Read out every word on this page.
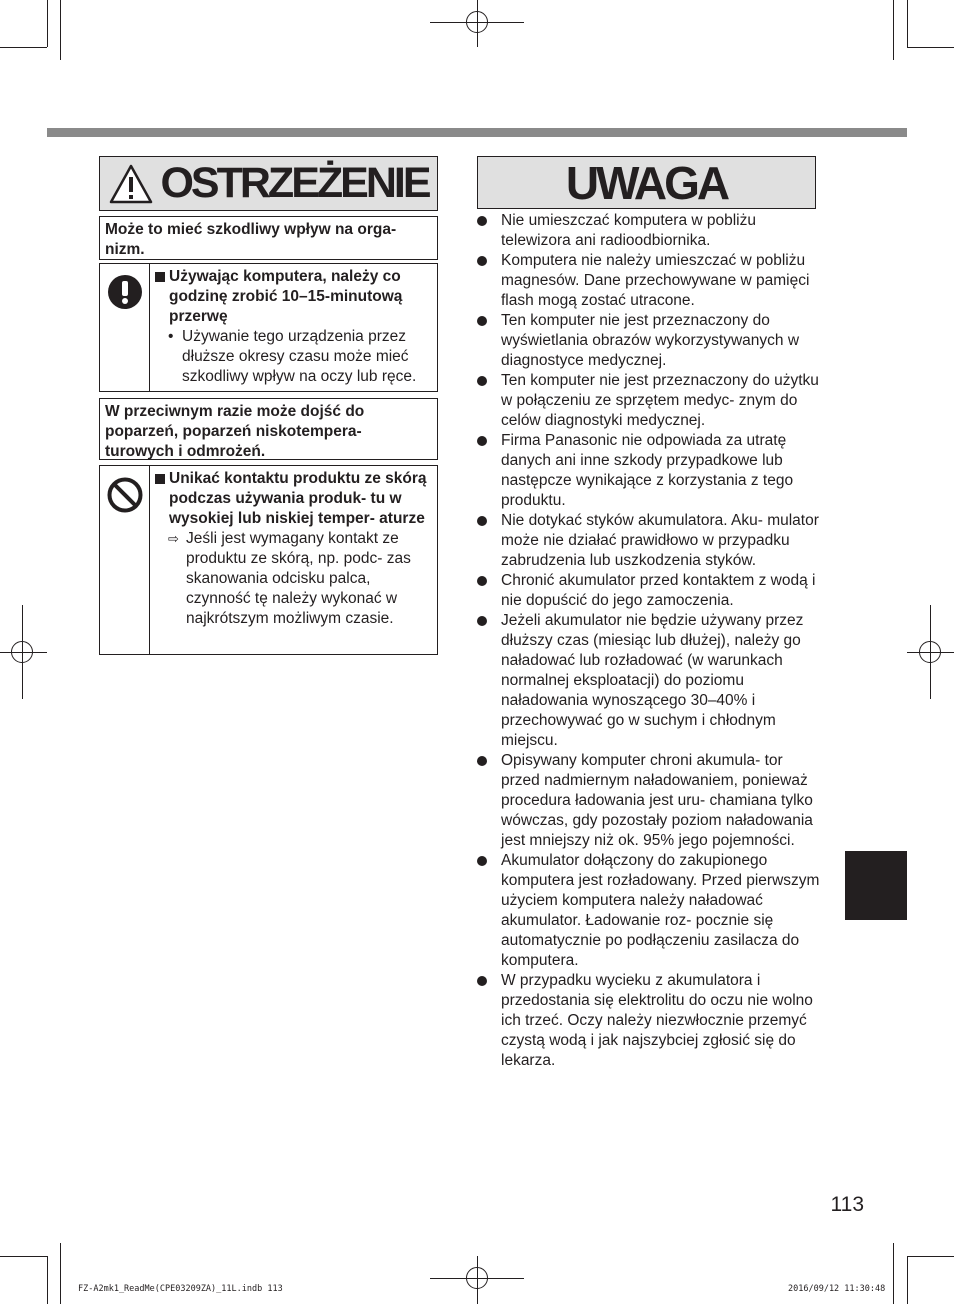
OSTRZEŻENIE
Może to mieć szkodliwy wpływ na orga- nizm.
Używając komputera, należy co godzinę zrobić 10–15-minutową przerwę
• Używanie tego urządzenia przez dłuższe okresy czasu może mieć szkodliwy wpływ na oczy lub ręce.
W przeciwnym razie może dojść do poparzeń, poparzeń niskotempera- turowych i odmrożeń.
Unikać kontaktu produktu ze skórą podczas używania produk- tu w wysokiej lub niskiej temper- aturze
⇨ Jeśli jest wymagany kontakt ze produktu ze skórą, np. podc- zas skanowania odcisku palca, czynność tę należy wykonać w najkrótszym możliwym czasie.
UWAGA
Nie umieszczać komputera w pobliżu telewizora ani radioodbiornika.
Komputera nie należy umieszczać w pobliżu magnesów. Dane przechowywane w pamięci flash mogą zostać utracone.
Ten komputer nie jest przeznaczony do wyświetlania obrazów wykorzystywanych w diagnostyce medycznej.
Ten komputer nie jest przeznaczony do użytku w połączeniu ze sprzętem medyc- znym do celów diagnostyki medycznej.
Firma Panasonic nie odpowiada za utratę danych ani inne szkody przypadkowe lub następcze wynikające z korzystania z tego produktu.
Nie dotykać styków akumulatora. Aku- mulator może nie działać prawidłowo w przypadku zabrudzenia lub uszkodzenia styków.
Chronić akumulator przed kontaktem z wodą i nie dopuścić do jego zamoczenia.
Jeżeli akumulator nie będzie używany przez dłuższy czas (miesiąc lub dłużej), należy go naładować lub rozładować (w warunkach normalnej eksploatacji) do poziomu naładowania wynoszącego 30–40% i przechowywać go w suchym i chłodnym miejscu.
Opisywany komputer chroni akumula- tor przed nadmiernym naładowaniem, ponieważ procedura ładowania jest uru- chamiana tylko wówczas, gdy pozostały poziom naładowania jest mniejszy niż ok. 95% jego pojemności.
Akumulator dołączony do zakupionego komputera jest rozładowany. Przed pierwszym użyciem komputera należy naładować akumulator. Ładowanie roz- pocznie się automatycznie po podłączeniu zasilacza do komputera.
W przypadku wycieku z akumulatora i przedostania się elektrolitu do oczu nie wolno ich trzeć. Oczy należy niezwłocznie przemyć czystą wodą i jak najszybciej zgłosić się do lekarza.
113
FZ-A2mk1_ReadMe(CPE03209ZA)_11L.indb 113	2016/09/12 11:30:48
